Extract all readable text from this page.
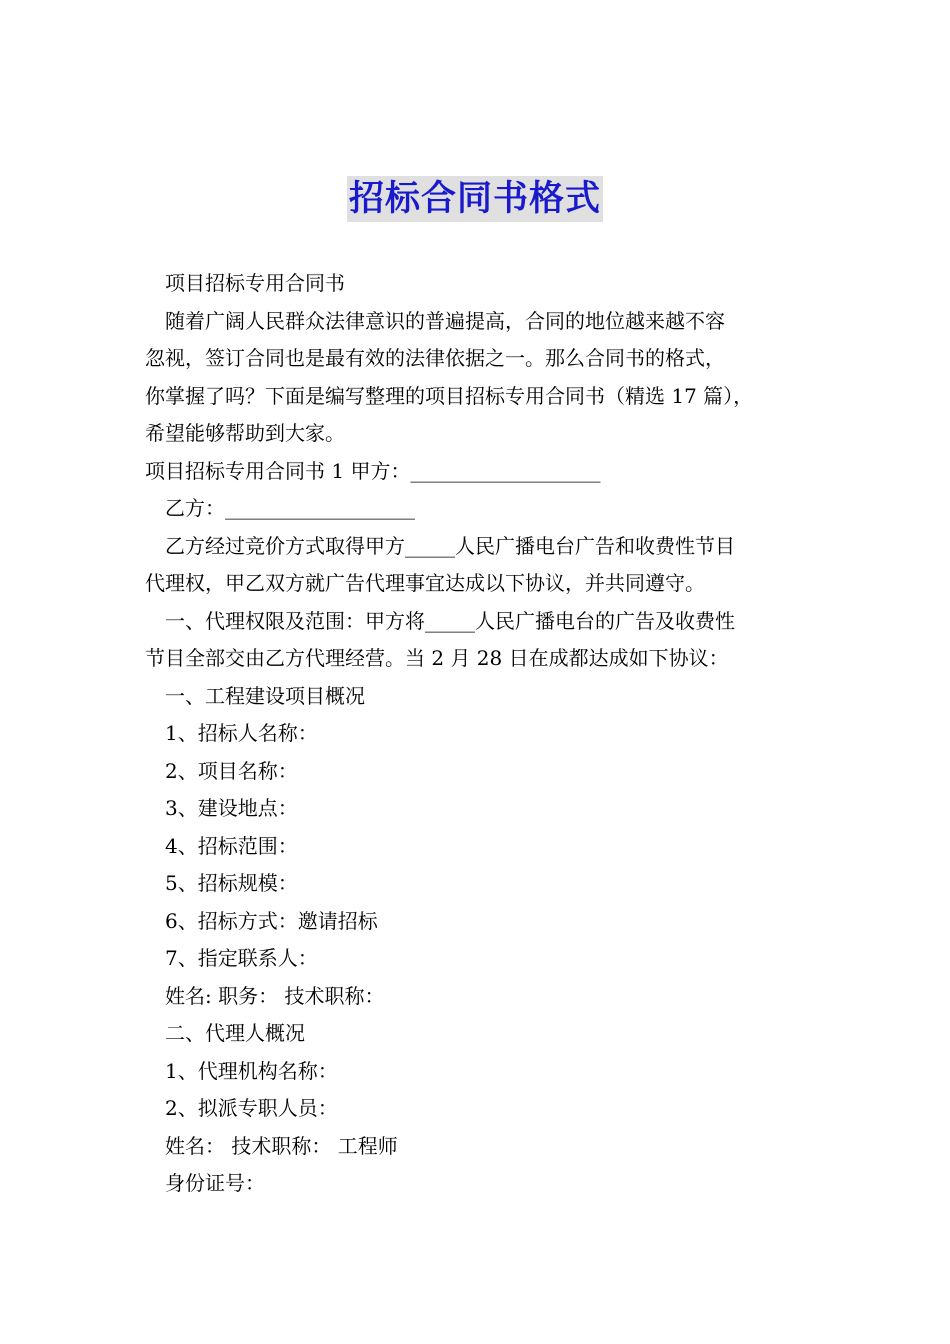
招标合同书格式
项目招标专用合同书
随着广阔人民群众法律意识的普遍提高，合同的地位越来越不容
忽视，签订合同也是最有效的法律依据之一。那么合同书的格式，
你掌握了吗？下面是编写整理的项目招标专用合同书（精选 17 篇），
希望能够帮助到大家。
项目招标专用合同书 1 甲方：___________________
乙方：___________________
乙方经过竞价方式取得甲方_____人民广播电台广告和收费性节目
代理权，甲乙双方就广告代理事宜达成以下协议，并共同遵守。
一、代理权限及范围：甲方将_____人民广播电台的广告及收费性
节目全部交由乙方代理经营。当 2 月 28 日在成都达成如下协议：
一、工程建设项目概况
1、招标人名称：
2、项目名称：
3、建设地点：
4、招标范围：
5、招标规模：
6、招标方式：邀请招标
7、指定联系人：
姓名: 职务： 技术职称：
二、代理人概况
1、代理机构名称：
2、拟派专职人员：
姓名： 技术职称： 工程师
身份证号：
